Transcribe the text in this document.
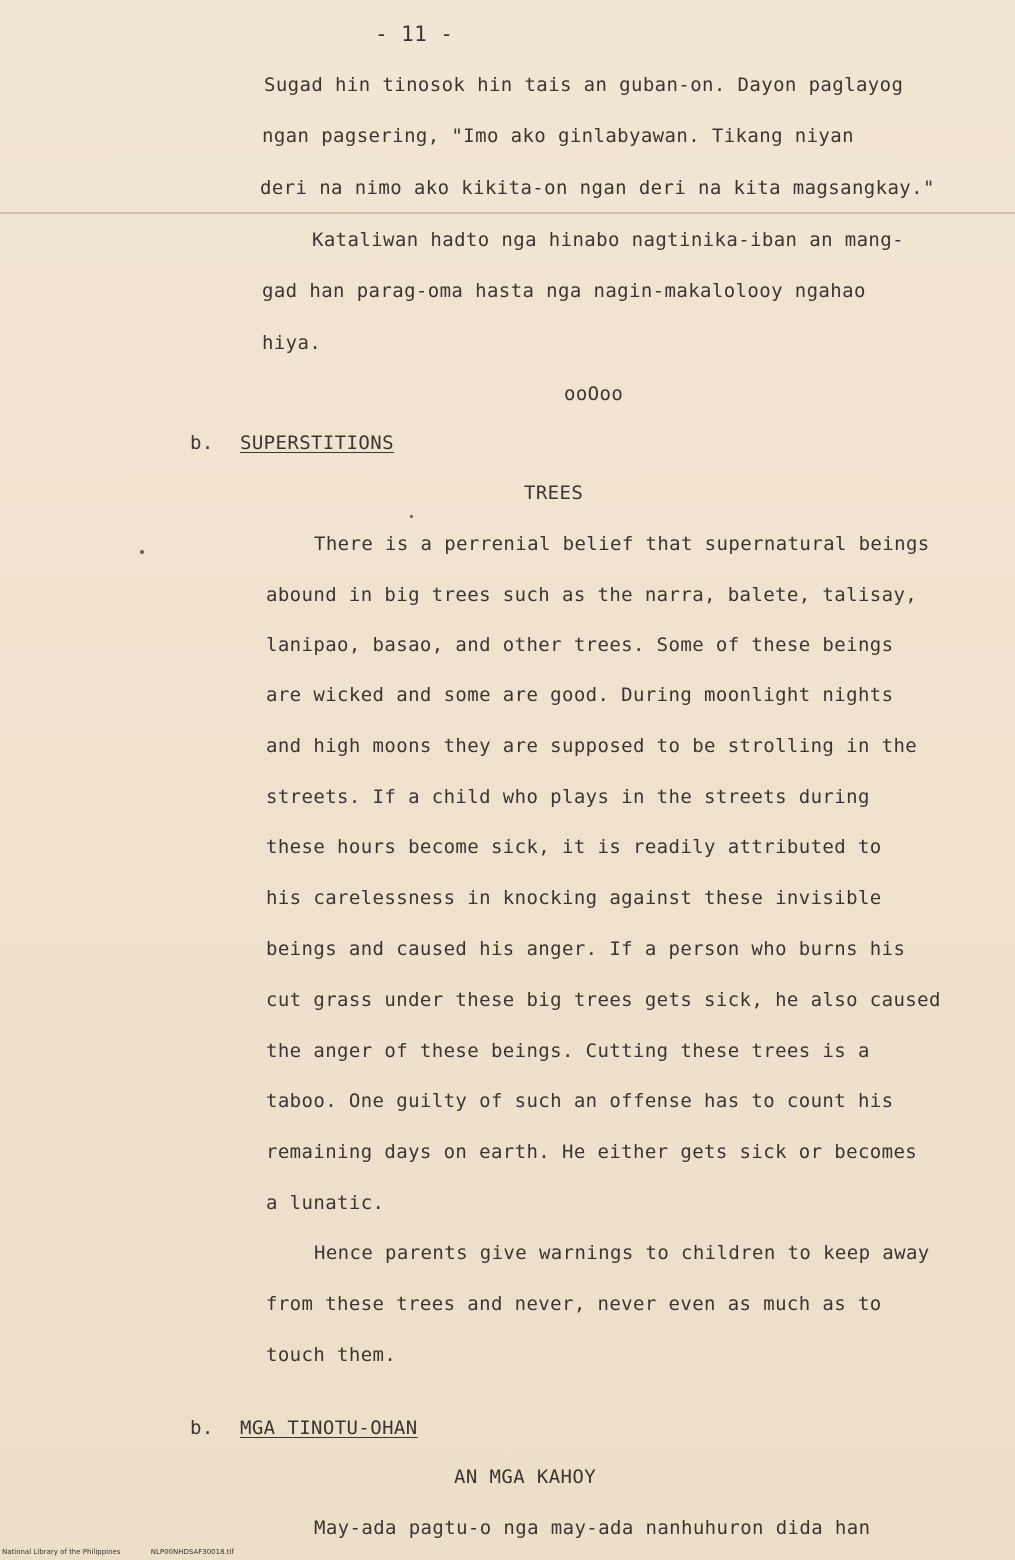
- 11 -
Sugad hin tinosok hin tais an guban-on. Dayon paglayog
ngan pagsering, "Imo ako ginlabyawan. Tikang niyan
deri na nimo ako kikita-on ngan deri na kita magsangkay."
Kataliwan hadto nga hinabo nagtinika-iban an mang-
gad han parag-oma hasta nga nagin-makalolooy ngahao
hiya.
ooOoo
b. SUPERSTITIONS
TREES
There is a perrenial belief that supernatural beings
abound in big trees such as the narra, balete, talisay,
lanipao, basao, and other trees. Some of these beings
are wicked and some are good. During moonlight nights
and high moons they are supposed to be strolling in the
streets. If a child who plays in the streets during
these hours become sick, it is readily attributed to
his carelessness in knocking against these invisible
beings and caused his anger. If a person who burns his
cut grass under these big trees gets sick, he also caused
the anger of these beings. Cutting these trees is a
taboo. One guilty of such an offense has to count his
remaining days on earth. He either gets sick or becomes
a lunatic.
Hence parents give warnings to children to keep away
from these trees and never, never even as much as to
touch them.
b. MGA TINOTU-OHAN
AN MGA KAHOY
May-ada pagtu-o nga may-ada nanhuhuron dida han
National Library of the Philippines	NLP00NHDSAF30018.tif
